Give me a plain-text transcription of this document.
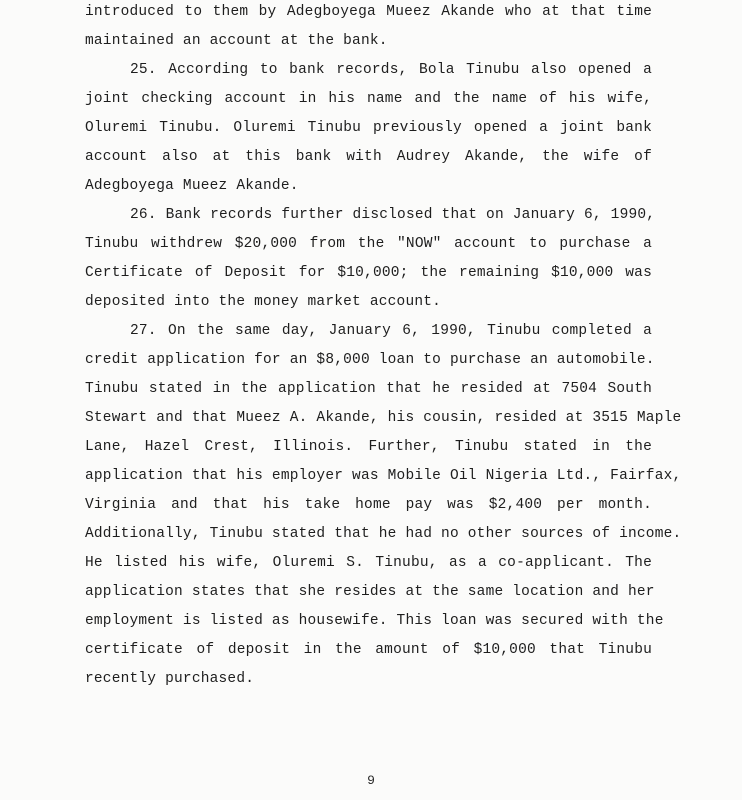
introduced to them by Adegboyega Mueez Akande who at that time
maintained an account at the bank.
25. According to bank records, Bola Tinubu also opened a
joint checking account in his name and the name of his wife,
Oluremi Tinubu. Oluremi Tinubu previously opened a joint bank
account also at this bank with Audrey Akande, the wife of
Adegboyega Mueez Akande.
26. Bank records further disclosed that on January 6, 1990,
Tinubu withdrew $20,000 from the "NOW" account to purchase a
Certificate of Deposit for $10,000; the remaining $10,000 was
deposited into the money market account.
27. On the same day, January 6, 1990, Tinubu completed a
credit application for an $8,000 loan to purchase an automobile.
Tinubu stated in the application that he resided at 7504 South
Stewart and that Mueez A. Akande, his cousin, resided at 3515 Maple
Lane, Hazel Crest, Illinois. Further, Tinubu stated in the
application that his employer was Mobile Oil Nigeria Ltd., Fairfax,
Virginia and that his take home pay was $2,400 per month.
Additionally, Tinubu stated that he had no other sources of income.
He listed his wife, Oluremi S. Tinubu, as a co-applicant. The
application states that she resides at the same location and her
employment is listed as housewife. This loan was secured with the
certificate of deposit in the amount of $10,000 that Tinubu
recently purchased.
9
